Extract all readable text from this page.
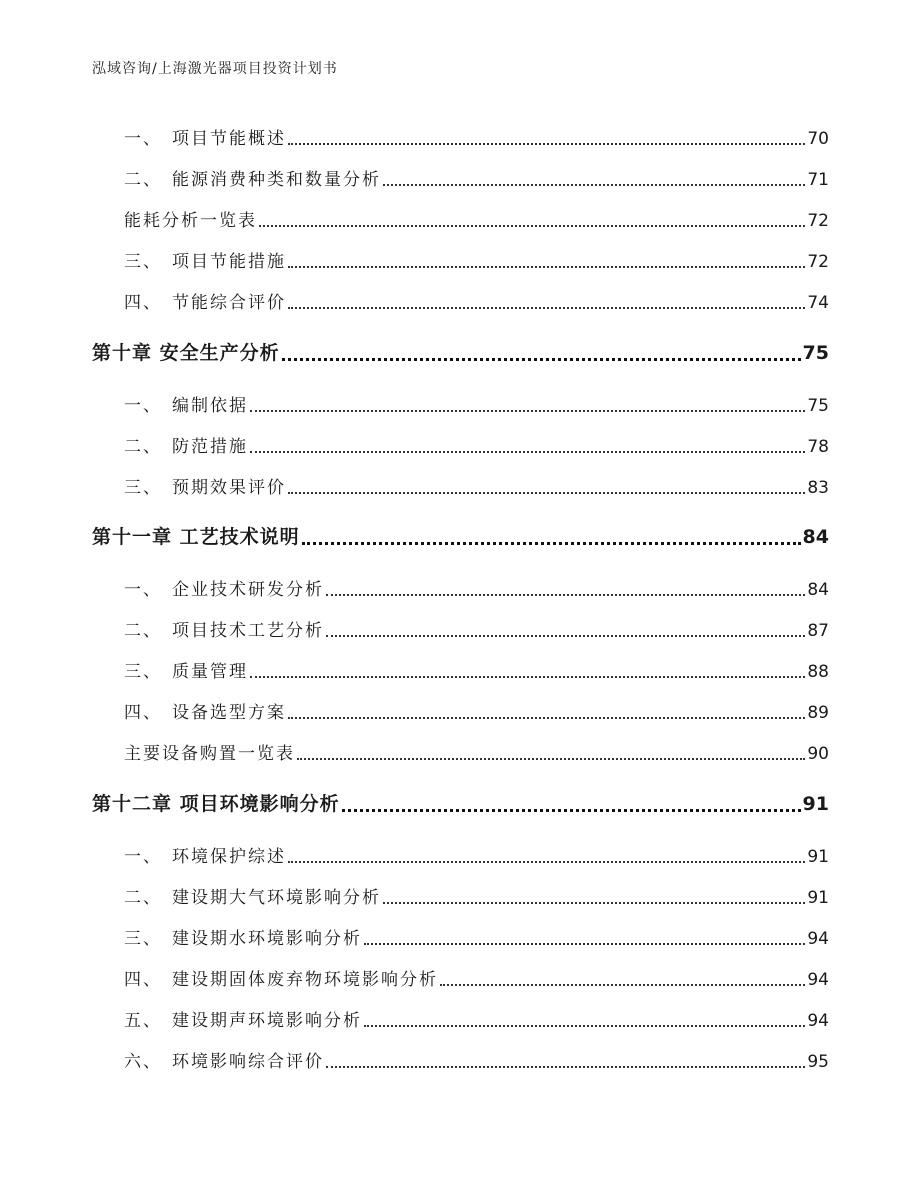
泓域咨询/上海激光器项目投资计划书
一、 项目节能概述	70
二、 能源消费种类和数量分析	71
能耗分析一览表	72
三、 项目节能措施	72
四、 节能综合评价	74
第十章 安全生产分析	75
一、 编制依据	75
二、 防范措施	78
三、 预期效果评价	83
第十一章 工艺技术说明	84
一、 企业技术研发分析	84
二、 项目技术工艺分析	87
三、 质量管理	88
四、 设备选型方案	89
主要设备购置一览表	90
第十二章 项目环境影响分析	91
一、 环境保护综述	91
二、 建设期大气环境影响分析	91
三、 建设期水环境影响分析	94
四、 建设期固体废弃物环境影响分析	94
五、 建设期声环境影响分析	94
六、 环境影响综合评价	95
